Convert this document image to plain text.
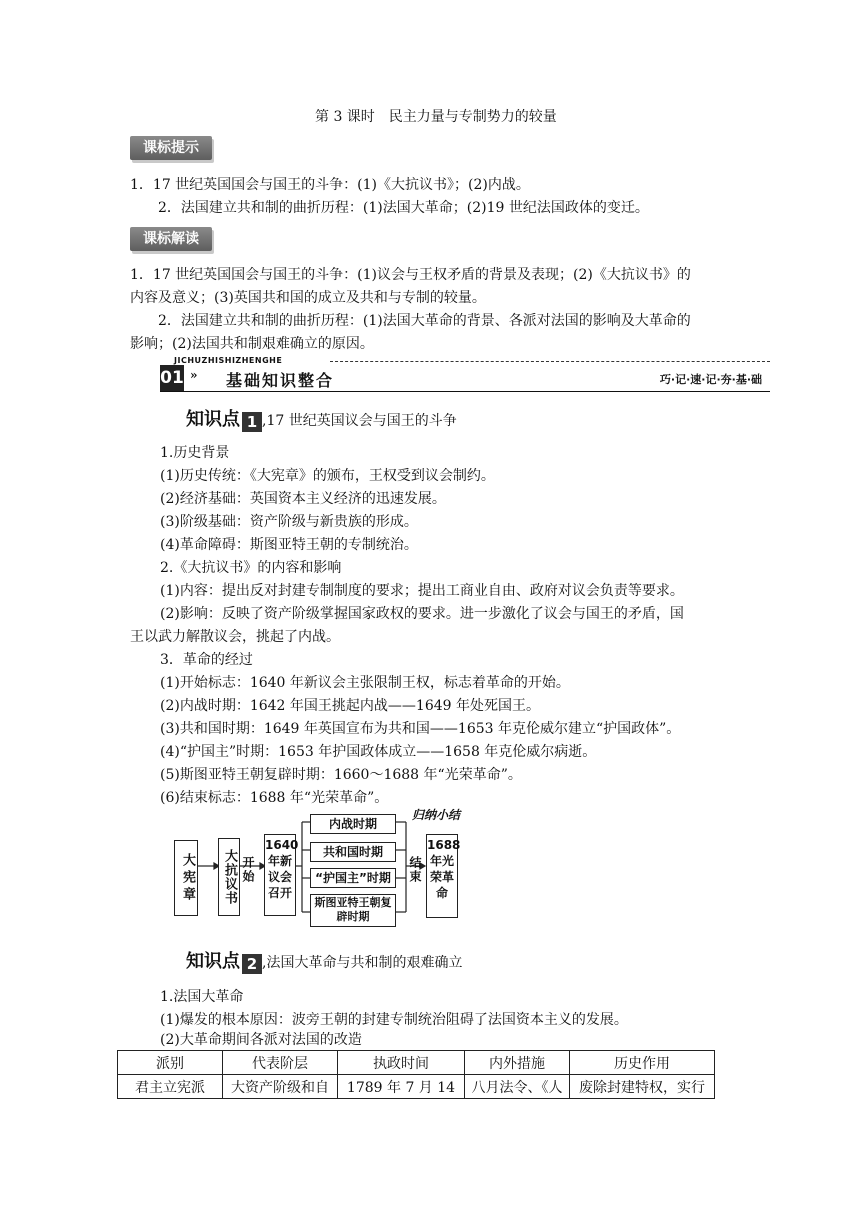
第 3 课时　民主力量与专制势力的较量
课标提示
1．17 世纪英国国会与国王的斗争：(1)《大抗议书》；(2)内战。
2．法国建立共和制的曲折历程：(1)法国大革命；(2)19 世纪法国政体的变迁。
课标解读
1．17 世纪英国国会与国王的斗争：(1)议会与王权矛盾的背景及表现；(2)《大抗议书》的
内容及意义；(3)英国共和国的成立及共和与专制的较量。
2．法国建立共和制的曲折历程：(1)法国大革命的背景、各派对法国的影响及大革命的
影响；(2)法国共和制艰难确立的原因。
JICHUZHISHIZHENGHE
01 » 基础知识整合	巧·记·速·记·夯·基·础
知识点 1 ,17 世纪英国议会与国王的斗争
1.历史背景
(1)历史传统：《大宪章》的颁布，王权受到议会制约。
(2)经济基础：英国资本主义经济的迅速发展。
(3)阶级基础：资产阶级与新贵族的形成。
(4)革命障碍：斯图亚特王朝的专制统治。
2.《大抗议书》的内容和影响
(1)内容：提出反对封建专制制度的要求；提出工商业自由、政府对议会负责等要求。
(2)影响：反映了资产阶级掌握国家政权的要求。进一步激化了议会与国王的矛盾，国
王以武力解散议会，挑起了内战。
3．革命的经过
(1)开始标志：1640 年新议会主张限制王权，标志着革命的开始。
(2)内战时期：1642 年国王挑起内战——1649 年处死国王。
(3)共和国时期：1649 年英国宣布为共和国——1653 年克伦威尔建立“护国政体”。
(4)“护国主”时期：1653 年护国政体成立——1658 年克伦威尔病逝。
(5)斯图亚特王朝复辟时期：1660～1688 年“光荣革命”。
(6)结束标志：1688 年“光荣革命”。
大宪章	大抗议书 开始
1640年新议会召开
内战时期
共和国时期
“护国主”时期
斯图亚特王朝复辟时期
结束
1688年光荣革命
归纳小结
知识点 2 ,法国大革命与共和制的艰难确立
1.法国大革命
(1)爆发的根本原因：波旁王朝的封建专制统治阻碍了法国资本主义的发展。
(2)大革命期间各派对法国的改造
派别	代表阶层	执政时间	内外措施	历史作用
君主立宪派	大资产阶级和自	1789 年 7 月 14	八月法令、《人	废除封建特权，实行
